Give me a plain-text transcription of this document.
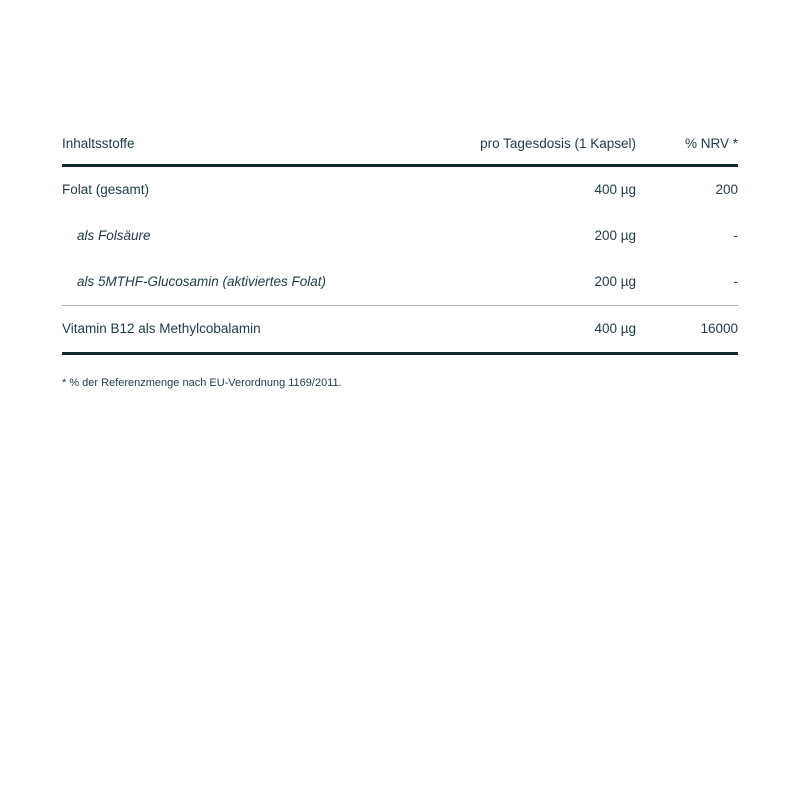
Inhaltsstoffe	pro Tagesdosis (1 Kapsel)	% NRV *
Folat (gesamt)	400 µg	200
als Folsäure	200 µg	-
als 5MTHF-Glucosamin (aktiviertes Folat)	200 µg	-
Vitamin B12 als Methylcobalamin	400 µg	16000
* % der Referenzmenge nach EU-Verordnung 1169/2011.
